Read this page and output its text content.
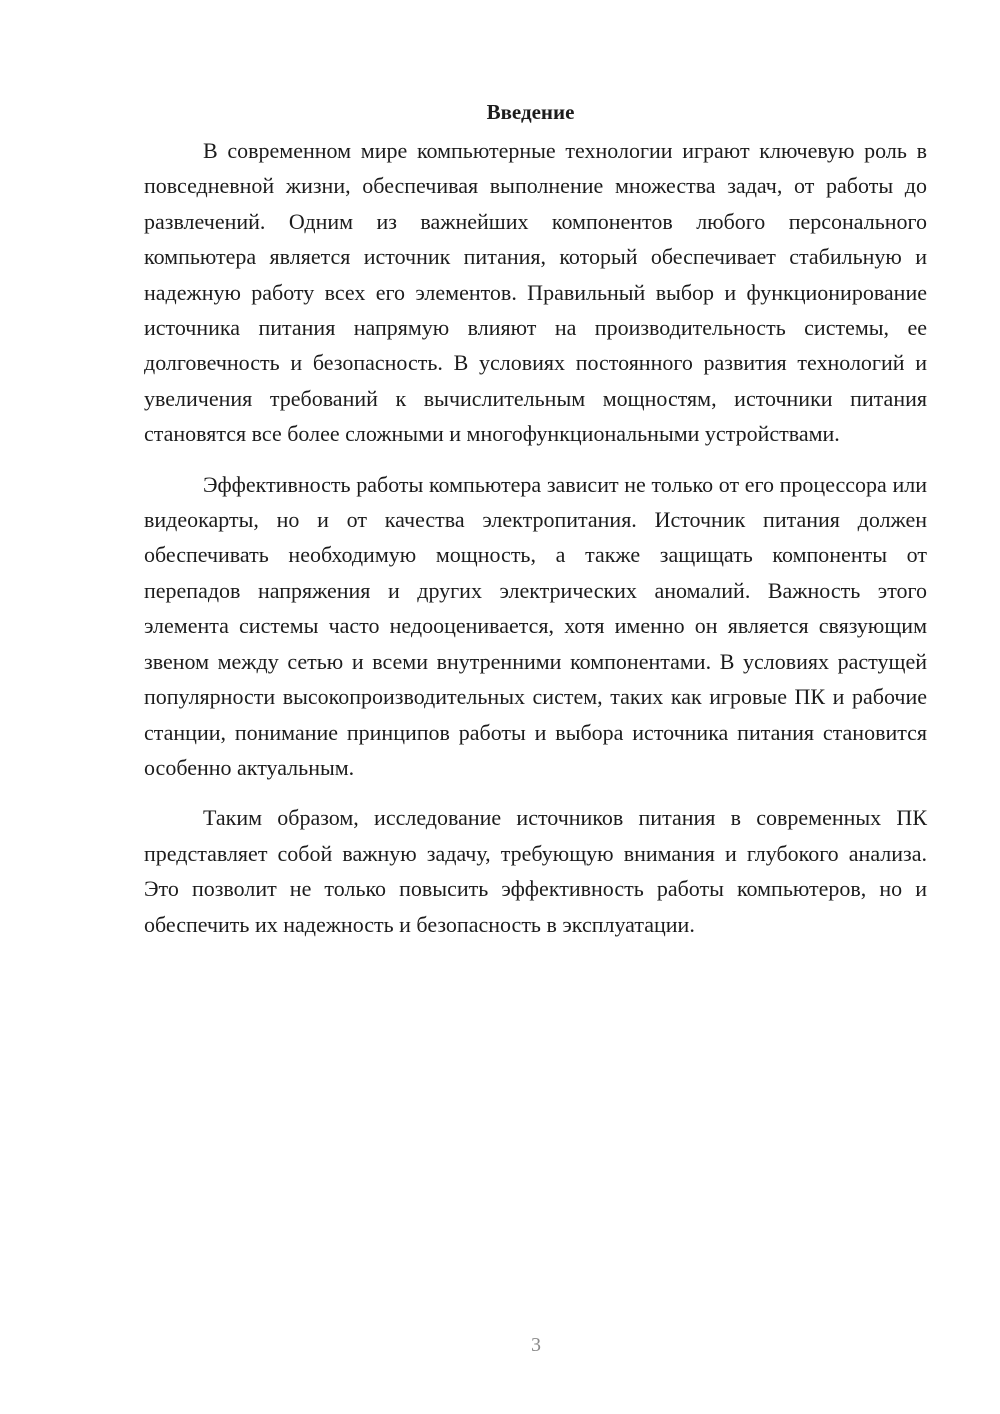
Введение

В современном мире компьютерные технологии играют ключевую роль в повседневной жизни, обеспечивая выполнение множества задач, от работы до развлечений. Одним из важнейших компонентов любого персонального компьютера является источник питания, который обеспечивает стабильную и надежную работу всех его элементов. Правильный выбор и функционирование источника питания напрямую влияют на производительность системы, ее долговечность и безопасность. В условиях постоянного развития технологий и увеличения требований к вычислительным мощностям, источники питания становятся все более сложными и многофункциональными устройствами.

Эффективность работы компьютера зависит не только от его процессора или видеокарты, но и от качества электропитания. Источник питания должен обеспечивать необходимую мощность, а также защищать компоненты от перепадов напряжения и других электрических аномалий. Важность этого элемента системы часто недооценивается, хотя именно он является связующим звеном между сетью и всеми внутренними компонентами. В условиях растущей популярности высокопроизводительных систем, таких как игровые ПК и рабочие станции, понимание принципов работы и выбора источника питания становится особенно актуальным.

Таким образом, исследование источников питания в современных ПК представляет собой важную задачу, требующую внимания и глубокого анализа. Это позволит не только повысить эффективность работы компьютеров, но и обеспечить их надежность и безопасность в эксплуатации.

3
